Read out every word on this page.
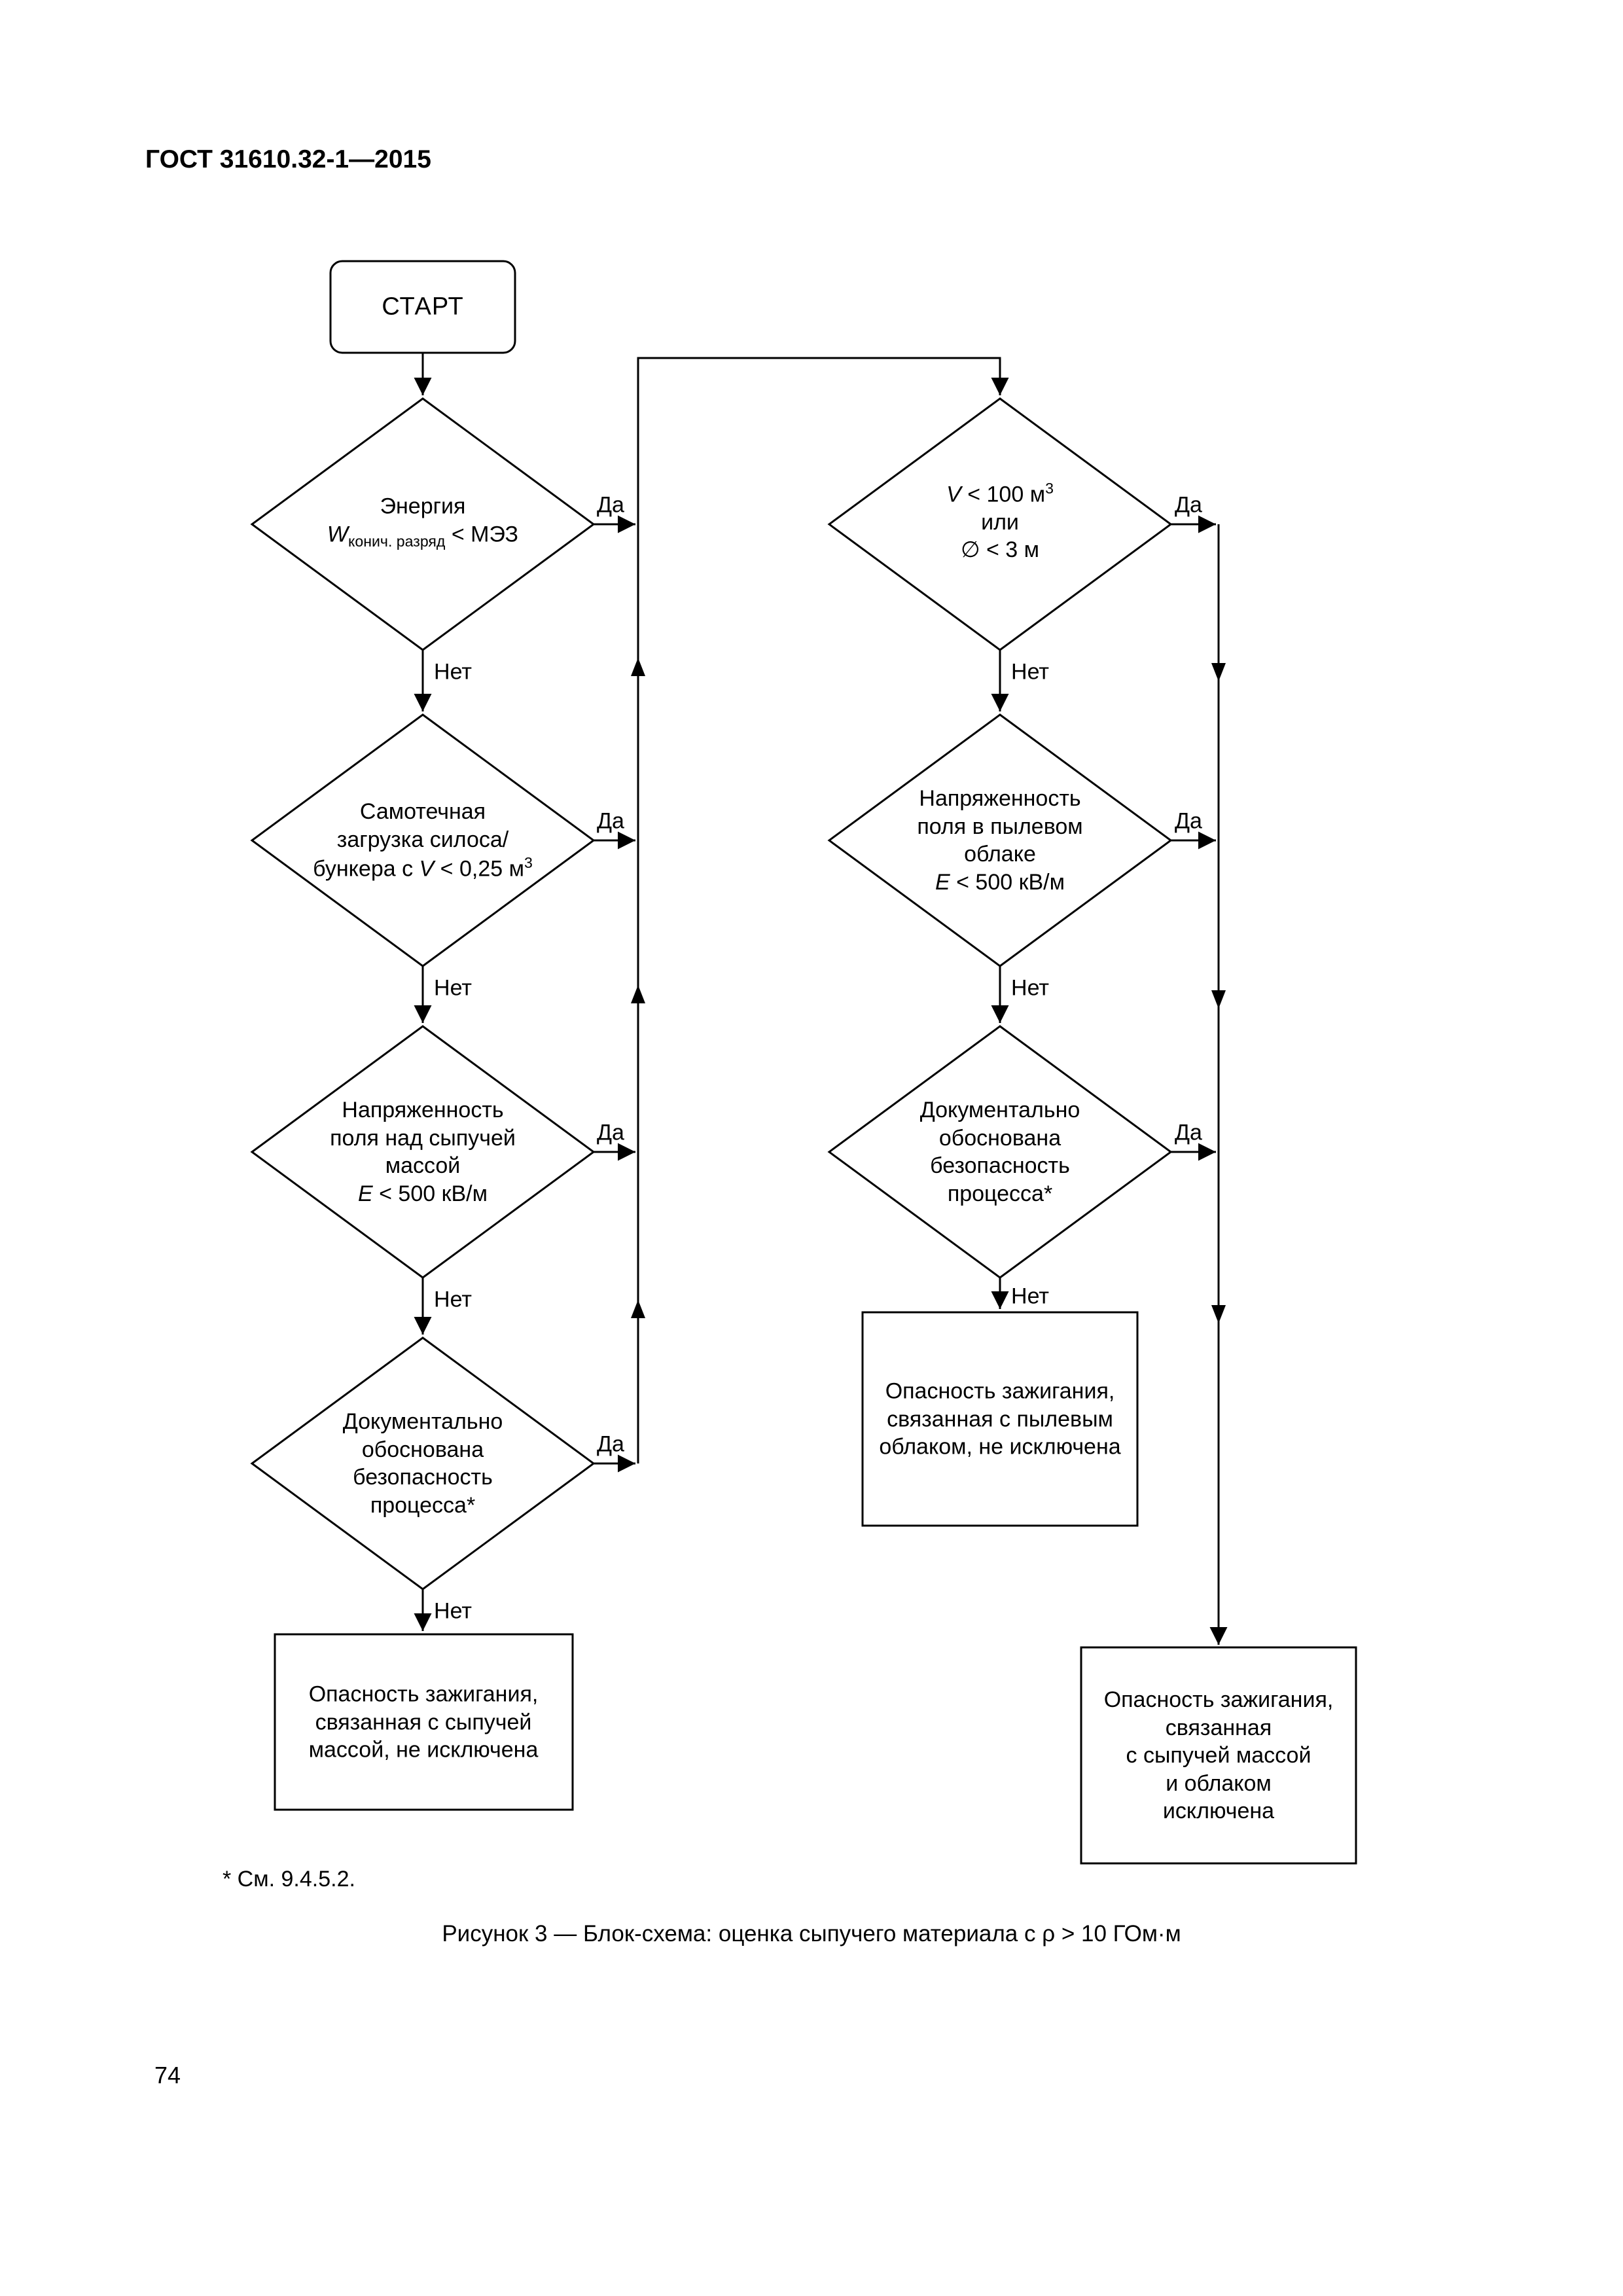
ГОСТ 31610.32-1—2015
СТАРТ
Энергия
$W_{конич. разряд}$ < МЭЗ
Самотечная
загрузка силоса/
бункера с V < 0,25 $м^3$
Напряженность
поля над сыпучей
массой
E < 500 кВ/м
Документально
обоснована
безопасность
процесса*
Опасность зажигания,
связанная с сыпучей
массой, не исключена
V < 100 $м^3$
или
∅ < 3 м
Напряженность
поля в пылевом
облаке
E < 500 кВ/м
Документально
обоснована
безопасность
процесса*
Опасность зажигания,
связанная с пылевым
облаком, не исключена
Опасность зажигания,
связанная
с сыпучей массой
и облаком
исключена
Да
Да
Да
Да
Да
Да
Да
Нет
Нет
Нет
Нет
Нет
Нет
Нет
* См. 9.4.5.2.
Рисунок 3 — Блок-схема: оценка сыпучего материала с ρ > 10 ГОм·м
74
